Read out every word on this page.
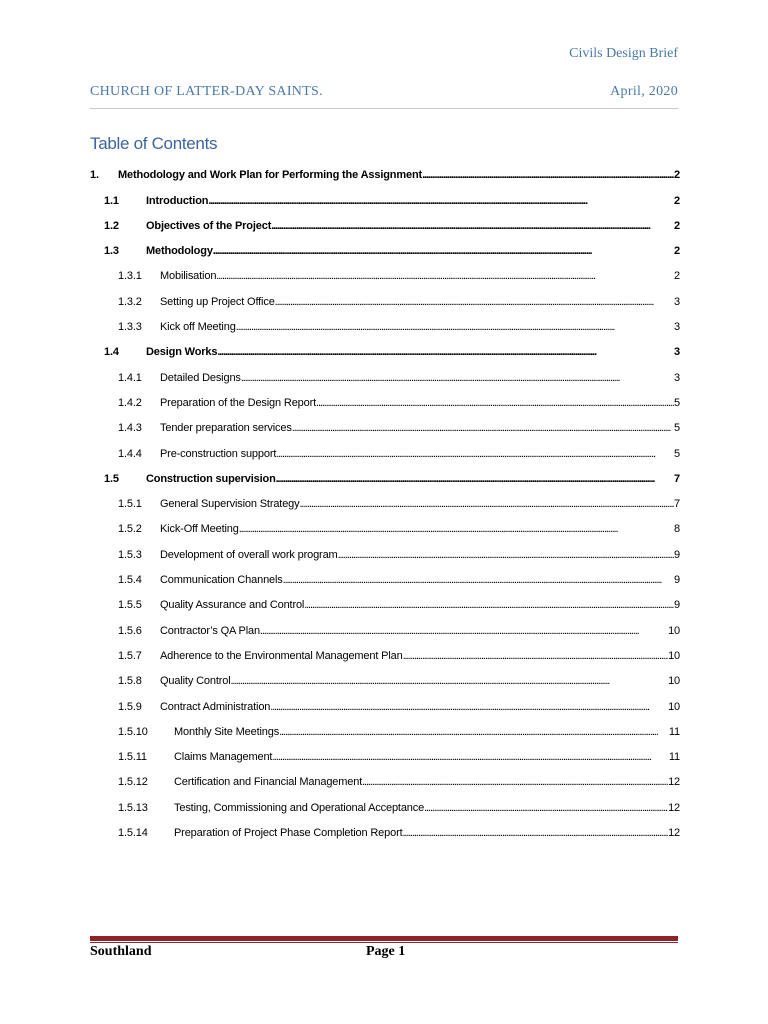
Civils Design Brief
CHURCH OF LATTER-DAY SAINTS.	April, 2020
Table of Contents
1.	Methodology and Work Plan for Performing the Assignment . . .	2
1.1	Introduction . . .	2
1.2	Objectives of the Project . . .	2
1.3	Methodology . . .	2
1.3.1	Mobilisation . . .	2
1.3.2	Setting up Project Office . . .	3
1.3.3	Kick off Meeting . . .	3
1.4	Design Works . . .	3
1.4.1	Detailed Designs . . .	3
1.4.2	Preparation of the Design Report . . .	5
1.4.3	Tender preparation services . . .	5
1.4.4	Pre-construction support . . .	5
1.5	Construction supervision . . .	7
1.5.1	General Supervision Strategy . . .	7
1.5.2	Kick-Off Meeting . . .	8
1.5.3	Development of overall work program . . .	9
1.5.4	Communication Channels . . .	9
1.5.5	Quality Assurance and Control . . .	9
1.5.6	Contractor’s QA Plan . . .	10
1.5.7	Adherence to the Environmental Management Plan . . .	10
1.5.8	Quality Control . . .	10
1.5.9	Contract Administration . . .	10
1.5.10	Monthly Site Meetings . . .	11
1.5.11	Claims Management . . .	11
1.5.12	Certification and Financial Management . . .	12
1.5.13	Testing, Commissioning and Operational Acceptance . . .	12
1.5.14	Preparation of Project Phase Completion Report . . .	12
Southland	Page 1
